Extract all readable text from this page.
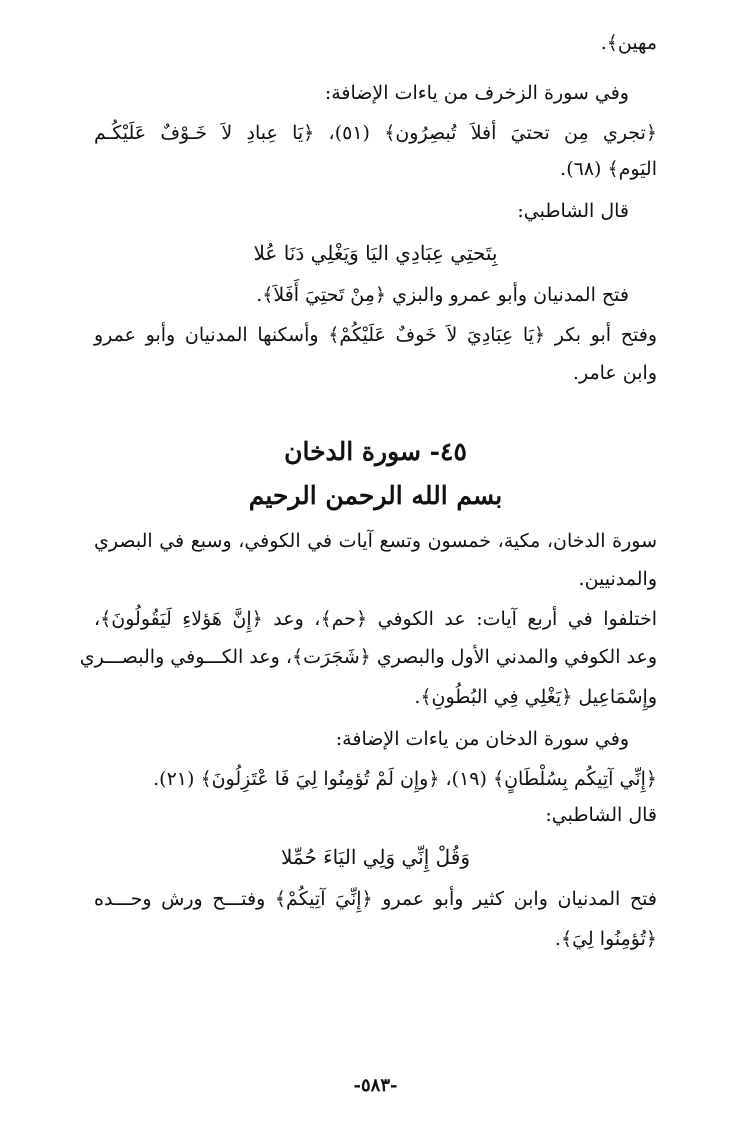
مهين﴾.
وفي سورة الزخرف من ياءات الإضافة:
﴿تجري مِن تحتيَ أفلاَ تُبصِرُون﴾ (٥١)، ﴿يَا عِبادِ لاَ خَـوْفٌ عَلَيْكُـم
اليَوم﴾ (٦٨).
قال الشاطبي:
بِتَحتِي عِبَادِي اليَا وَيَغْلِي دَنَا عُلا
فتح المدنيان وأبو عمرو والبزي ﴿مِنْ تَحتِيَ أَفَلاَ﴾.
وفتح أبو بكر ﴿يَا عِبَادِيَ لاَ خَوفٌ عَلَيْكُمْ﴾ وأسكنها المدنيان وأبو عمرو
وابن عامر.
٤٥- سورة الدخان
بسم الله الرحمن الرحيم
سورة الدخان، مكية، خمسون وتسع آيات في الكوفي، وسبع في البصري
والمدنيين.
اختلفوا في أربع آيات: عد الكوفي ﴿حم﴾، وعد ﴿إِنَّ هَؤلاءِ لَيَقُولُونَ﴾،
وعد الكوفي والمدني الأول والبصري ﴿شَجَرَت﴾، وعد الكـــوفي والبصـــري
وإِسْمَاعِيل ﴿يَغْلِي فِي البُطُونِ﴾.
وفي سورة الدخان من ياءات الإضافة:
﴿إِنِّي آتِيكُم بِسُلْطَانٍ﴾ (١٩)، ﴿وإِن لَمْ تُؤمِنُوا لِيَ فَا عْتَزِلُونَ﴾ (٢١).
قال الشاطبي:
وَقُلْ إِنِّي وَلِي اليَاءَ حُمِّلا
فتح المدنيان وابن كثير وأبو عمرو ﴿إِنِّيَ آتِيكُمْ﴾ وفتـــح ورش وحـــده
﴿تُؤمِنُوا لِيَ﴾.
-٥٨٣-
